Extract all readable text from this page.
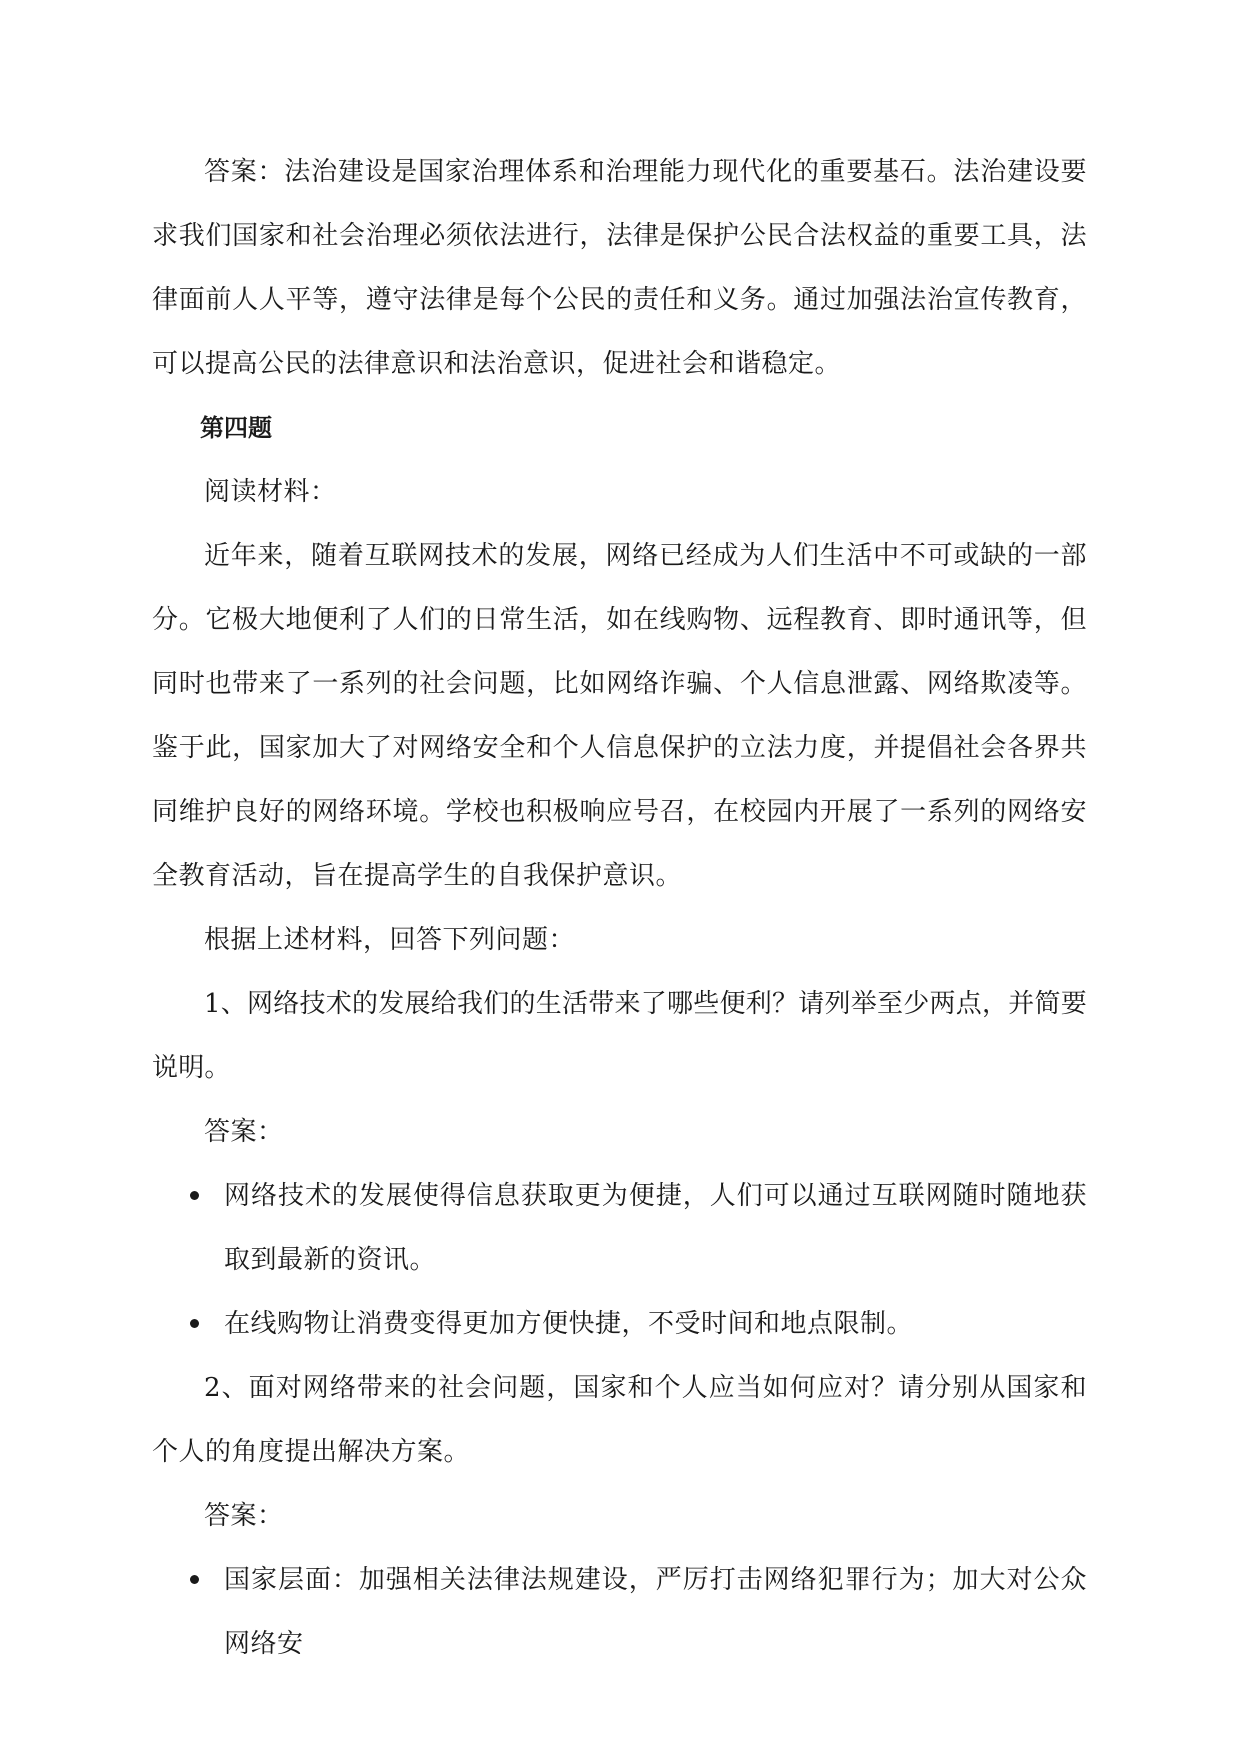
答案：法治建设是国家治理体系和治理能力现代化的重要基石。法治建设要求我们国家和社会治理必须依法进行，法律是保护公民合法权益的重要工具，法律面前人人平等，遵守法律是每个公民的责任和义务。通过加强法治宣传教育，可以提高公民的法律意识和法治意识，促进社会和谐稳定。

第四题

阅读材料：

近年来，随着互联网技术的发展，网络已经成为人们生活中不可或缺的一部分。它极大地便利了人们的日常生活，如在线购物、远程教育、即时通讯等，但同时也带来了一系列的社会问题，比如网络诈骗、个人信息泄露、网络欺凌等。鉴于此，国家加大了对网络安全和个人信息保护的立法力度，并提倡社会各界共同维护良好的网络环境。学校也积极响应号召，在校园内开展了一系列的网络安全教育活动，旨在提高学生的自我保护意识。

根据上述材料，回答下列问题：

1、网络技术的发展给我们的生活带来了哪些便利？请列举至少两点，并简要说明。

答案：

网络技术的发展使得信息获取更为便捷，人们可以通过互联网随时随地获取到最新的资讯。
在线购物让消费变得更加方便快捷，不受时间和地点限制。

2、面对网络带来的社会问题，国家和个人应当如何应对？请分别从国家和个人的角度提出解决方案。

答案：

国家层面：加强相关法律法规建设，严厉打击网络犯罪行为；加大对公众网络安
